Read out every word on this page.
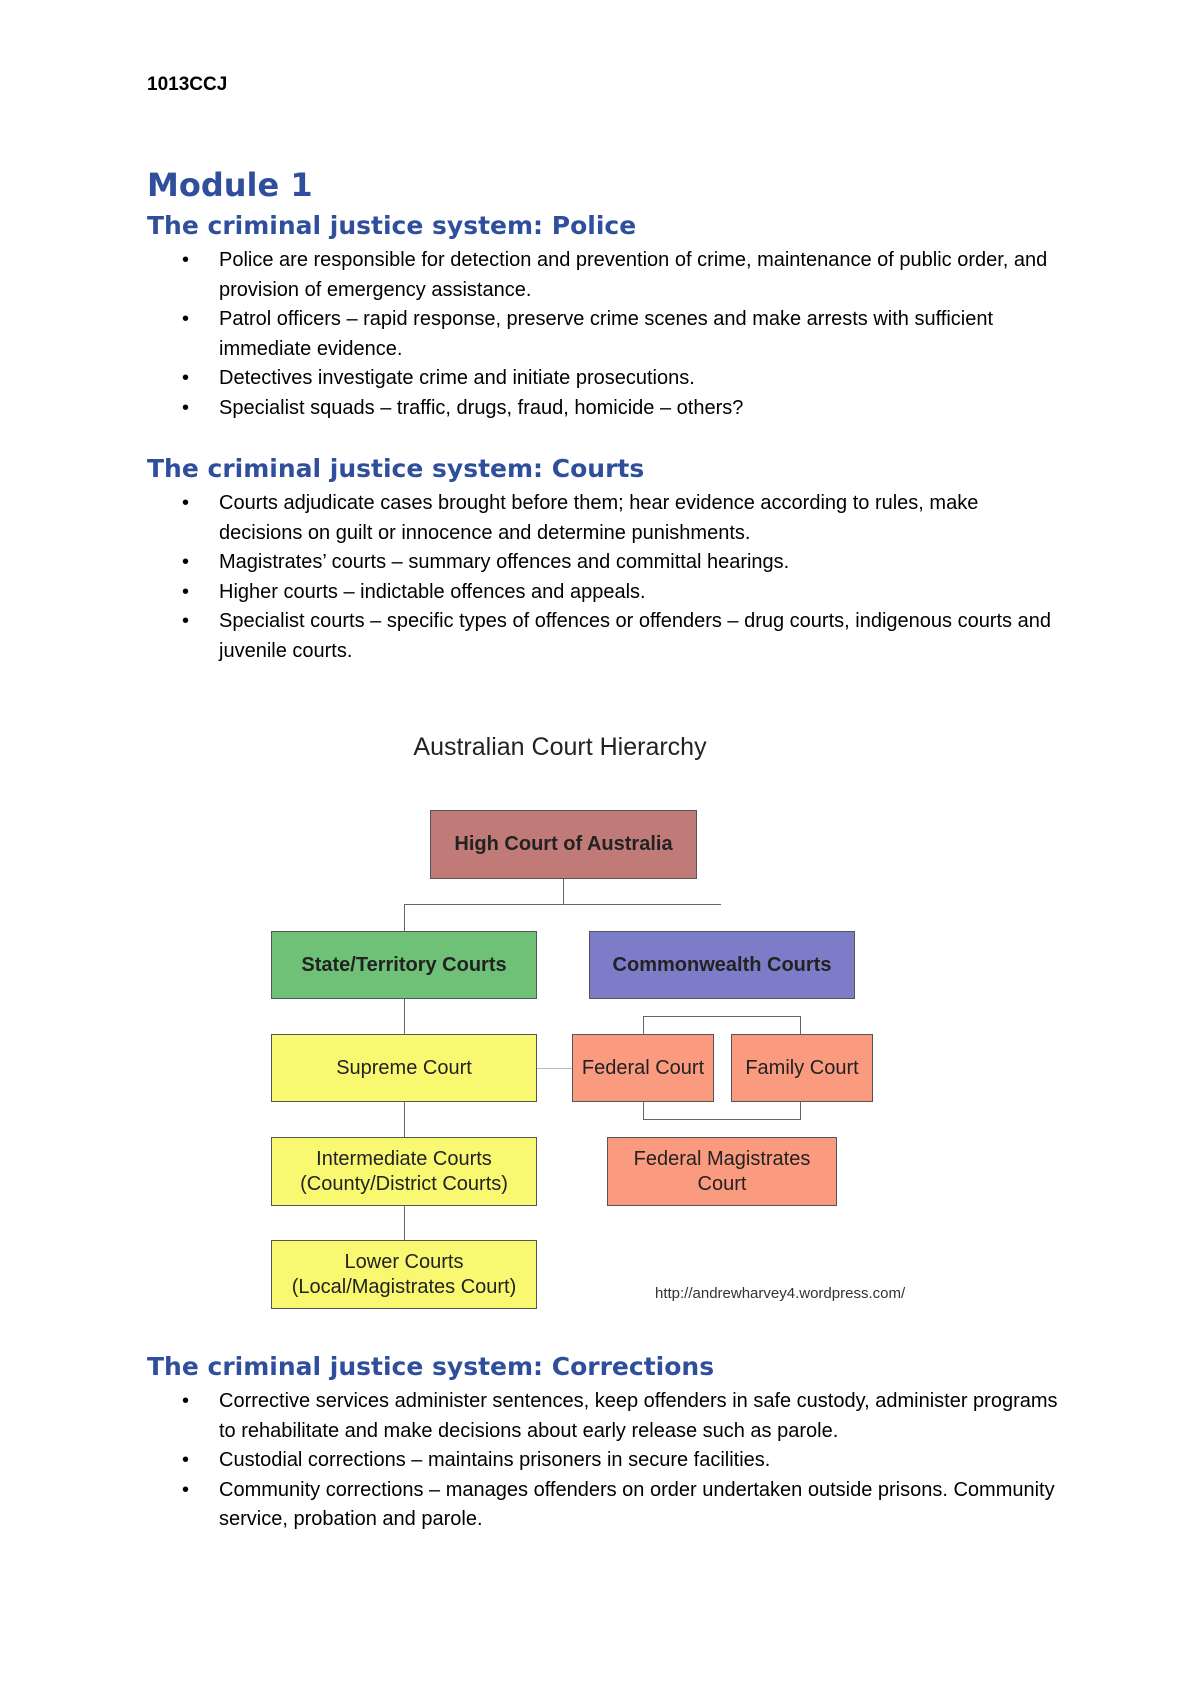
1013CCJ
Module 1
The criminal justice system: Police
• Police are responsible for detection and prevention of crime, maintenance of public order, and provision of emergency assistance.
• Patrol officers – rapid response, preserve crime scenes and make arrests with sufficient immediate evidence.
• Detectives investigate crime and initiate prosecutions.
• Specialist squads – traffic, drugs, fraud, homicide – others?
The criminal justice system: Courts
• Courts adjudicate cases brought before them; hear evidence according to rules, make decisions on guilt or innocence and determine punishments.
• Magistrates’ courts – summary offences and committal hearings.
• Higher courts – indictable offences and appeals.
• Specialist courts – specific types of offences or offenders – drug courts, indigenous courts and juvenile courts.
Australian Court Hierarchy
High Court of Australia
State/Territory Courts	Commonwealth Courts
Supreme Court	Federal Court	Family Court
Intermediate Courts
(County/District Courts)
Federal Magistrates
Court
Lower Courts
(Local/Magistrates Court)	http://andrewharvey4.wordpress.com/
The criminal justice system: Corrections
• Corrective services administer sentences, keep offenders in safe custody, administer programs to rehabilitate and make decisions about early release such as parole.
• Custodial corrections – maintains prisoners in secure facilities.
• Community corrections – manages offenders on order undertaken outside prisons. Community service, probation and parole.
